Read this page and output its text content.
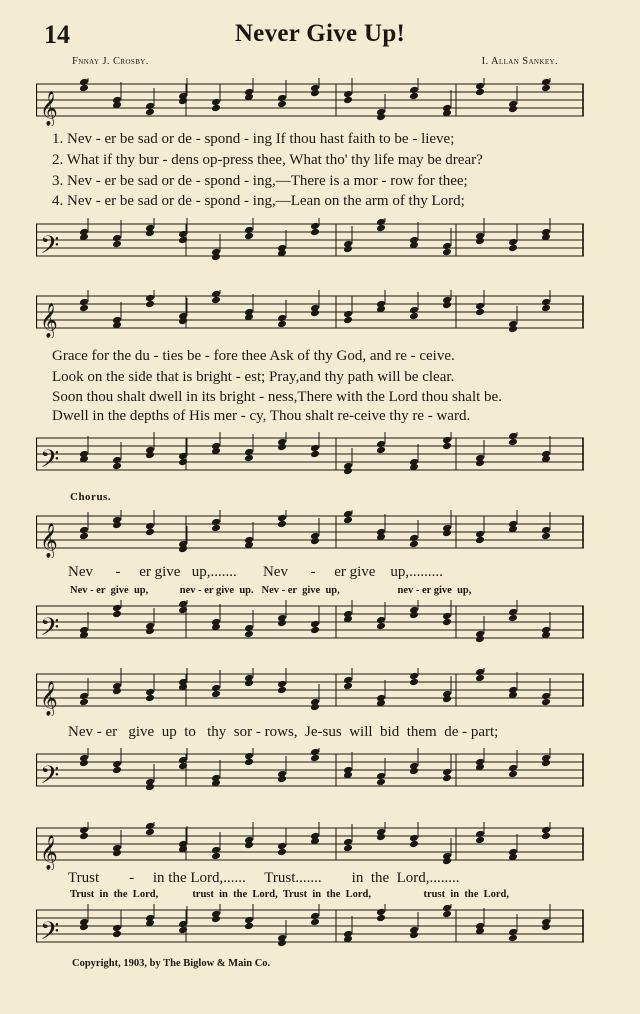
14	Never Give Up!
Fnnay J. Crosby.	I. Allan Sankey.
𝄞
1. Nev - er be sad or de - spond - ing If thou hast faith to be - lieve;
2. What if thy bur - dens op-press thee, What tho' thy life may be drear?
3. Nev - er be sad or de - spond - ing,—There is a mor - row for thee;
4. Nev - er be sad or de - spond - ing,—Lean on the arm of thy Lord;
𝄢
𝄞
Grace for the du - ties be - fore thee Ask of thy God, and re - ceive.
Look on the side that is bright - est; Pray,and thy path will be clear.
Soon thou shalt dwell in its bright - ness,There with the Lord thou shalt be.
Dwell in the depths of His mer - cy, Thou shalt re-ceive thy re - ward.
𝄢
Chorus.
𝄞
Nev      -     er give   up,.......       Nev      -     er give    up,.........
Nev - er  give  up,            nev - er give  up.   Nev - er  give  up,                      nev - er give  up,
𝄢
𝄞
Nev - er   give  up  to   thy  sor - rows,  Je-sus  will  bid  them  de - part;
𝄢
𝄞
Trust        -     in the Lord,......     Trust.......        in  the  Lord,........
Trust  in  the  Lord,             trust  in  the  Lord,  Trust  in  the  Lord,                    trust  in  the  Lord,
𝄢
Copyright, 1903, by The Biglow & Main Co.
